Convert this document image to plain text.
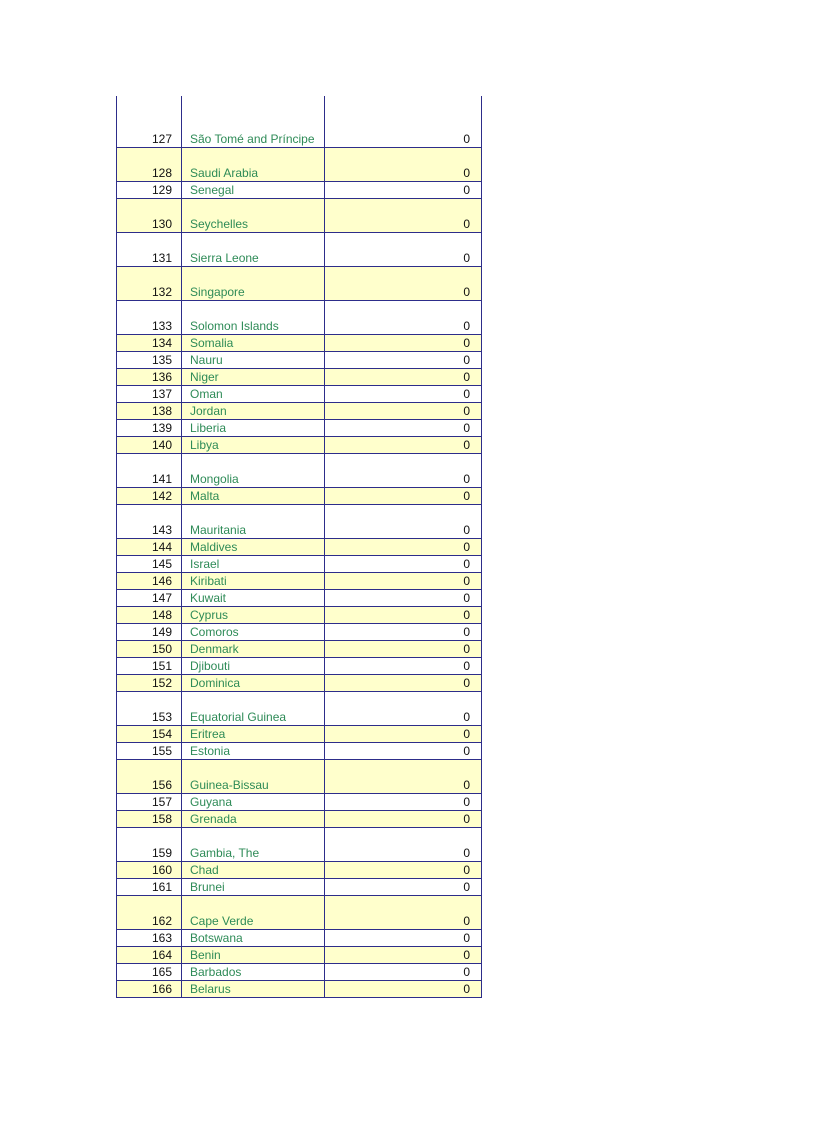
127	São Tomé and Príncipe	0
128	Saudi Arabia	0
129	Senegal	0
130	Seychelles	0
131	Sierra Leone	0
132	Singapore	0
133	Solomon Islands	0
134	Somalia	0
135	Nauru	0
136	Niger	0
137	Oman	0
138	Jordan	0
139	Liberia	0
140	Libya	0
141	Mongolia	0
142	Malta	0
143	Mauritania	0
144	Maldives	0
145	Israel	0
146	Kiribati	0
147	Kuwait	0
148	Cyprus	0
149	Comoros	0
150	Denmark	0
151	Djibouti	0
152	Dominica	0
153	Equatorial Guinea	0
154	Eritrea	0
155	Estonia	0
156	Guinea-Bissau	0
157	Guyana	0
158	Grenada	0
159	Gambia, The	0
160	Chad	0
161	Brunei	0
162	Cape Verde	0
163	Botswana	0
164	Benin	0
165	Barbados	0
166	Belarus	0
